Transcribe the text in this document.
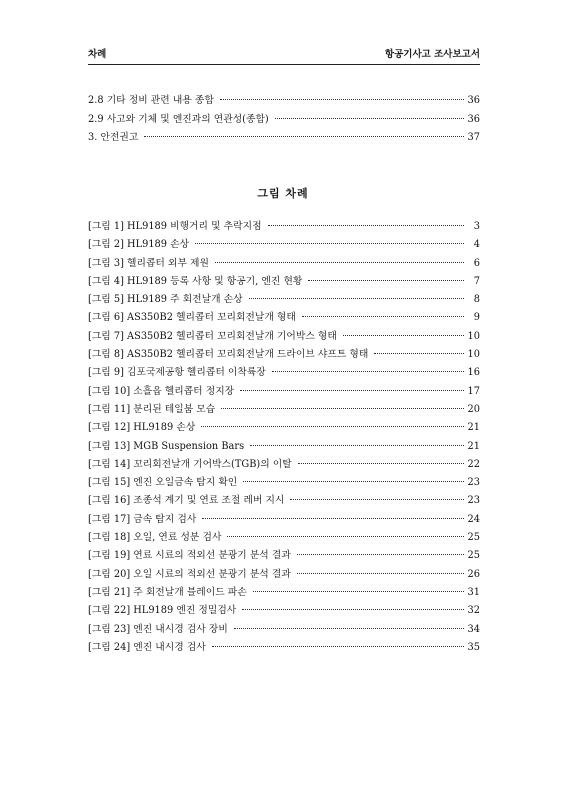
차례	항공기사고 조사보고서
2.8 기타 정비 관련 내용 종합	36
2.9 사고와 기체 및 엔진과의 연관성(종합)	36
3. 안전권고	37
그림 차례
[그림 1] HL9189 비행거리 및 추락지점	3
[그림 2] HL9189 손상	4
[그림 3] 헬리콥터 외부 제원	6
[그림 4] HL9189 등록 사항 및 항공기, 엔진 현황	7
[그림 5] HL9189 주 회전날개 손상	8
[그림 6] AS350B2 헬리콥터 꼬리회전날개 형태	9
[그림 7] AS350B2 헬리콥터 꼬리회전날개 기어박스 형태	10
[그림 8] AS350B2 헬리콥터 꼬리회전날개 드라이브 샤프트 형태	10
[그림 9] 김포국제공항 헬리콥터 이착륙장	16
[그림 10] 소흘읍 헬리콥터 정지장	17
[그림 11] 분리된 테일붐 모습	20
[그림 12] HL9189 손상	21
[그림 13] MGB Suspension Bars	21
[그림 14] 꼬리회전날개 기어박스(TGB)의 이탈	22
[그림 15] 엔진 오일금속 탐지 확인	23
[그림 16] 조종석 계기 및 연료 조절 레버 지시	23
[그림 17] 금속 탐지 검사	24
[그림 18] 오일, 연료 성분 검사	25
[그림 19] 연료 시료의 적외선 분광기 분석 결과	25
[그림 20] 오일 시료의 적외선 분광기 분석 결과	26
[그림 21] 주 회전날개 블레이드 파손	31
[그림 22] HL9189 엔진 정밀검사	32
[그림 23] 엔진 내시경 검사 장비	34
[그림 24] 엔진 내시경 검사	35
